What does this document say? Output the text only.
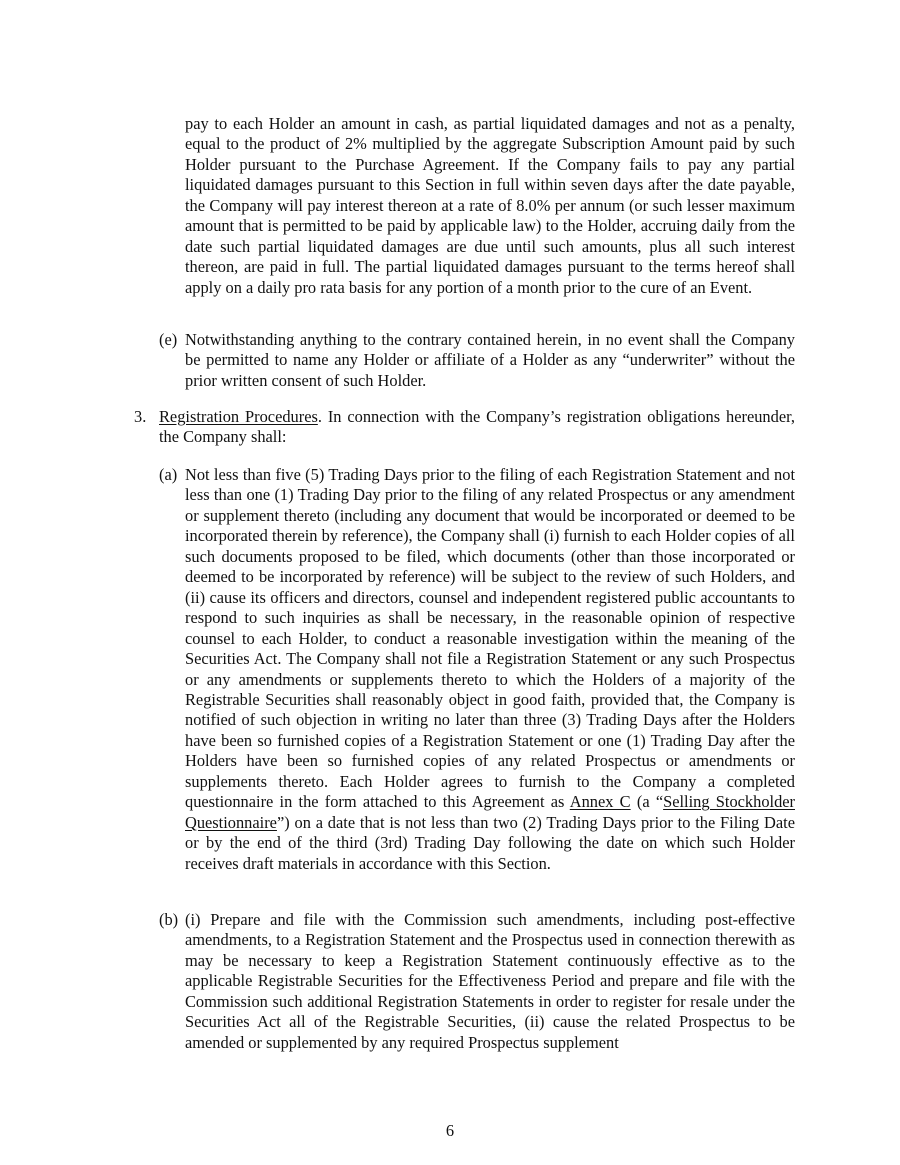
pay to each Holder an amount in cash, as partial liquidated damages and not as a penalty, equal to the product of 2% multiplied by the aggregate Subscription Amount paid by such Holder pursuant to the Purchase Agreement. If the Company fails to pay any partial liquidated damages pursuant to this Section in full within seven days after the date payable, the Company will pay interest thereon at a rate of 8.0% per annum (or such lesser maximum amount that is permitted to be paid by applicable law) to the Holder, accruing daily from the date such partial liquidated damages are due until such amounts, plus all such interest thereon, are paid in full. The partial liquidated damages pursuant to the terms hereof shall apply on a daily pro rata basis for any portion of a month prior to the cure of an Event.

(e) Notwithstanding anything to the contrary contained herein, in no event shall the Company be permitted to name any Holder or affiliate of a Holder as any “underwriter” without the prior written consent of such Holder.

3. Registration Procedures. In connection with the Company’s registration obligations hereunder, the Company shall:

(a) Not less than five (5) Trading Days prior to the filing of each Registration Statement and not less than one (1) Trading Day prior to the filing of any related Prospectus or any amendment or supplement thereto (including any document that would be incorporated or deemed to be incorporated therein by reference), the Company shall (i) furnish to each Holder copies of all such documents proposed to be filed, which documents (other than those incorporated or deemed to be incorporated by reference) will be subject to the review of such Holders, and (ii) cause its officers and directors, counsel and independent registered public accountants to respond to such inquiries as shall be necessary, in the reasonable opinion of respective counsel to each Holder, to conduct a reasonable investigation within the meaning of the Securities Act. The Company shall not file a Registration Statement or any such Prospectus or any amendments or supplements thereto to which the Holders of a majority of the Registrable Securities shall reasonably object in good faith, provided that, the Company is notified of such objection in writing no later than three (3) Trading Days after the Holders have been so furnished copies of a Registration Statement or one (1) Trading Day after the Holders have been so furnished copies of any related Prospectus or amendments or supplements thereto. Each Holder agrees to furnish to the Company a completed questionnaire in the form attached to this Agreement as Annex C (a “Selling Stockholder Questionnaire”) on a date that is not less than two (2) Trading Days prior to the Filing Date or by the end of the third (3rd) Trading Day following the date on which such Holder receives draft materials in accordance with this Section.

(b) (i) Prepare and file with the Commission such amendments, including post-effective amendments, to a Registration Statement and the Prospectus used in connection therewith as may be necessary to keep a Registration Statement continuously effective as to the applicable Registrable Securities for the Effectiveness Period and prepare and file with the Commission such additional Registration Statements in order to register for resale under the Securities Act all of the Registrable Securities, (ii) cause the related Prospectus to be amended or supplemented by any required Prospectus supplement

6
